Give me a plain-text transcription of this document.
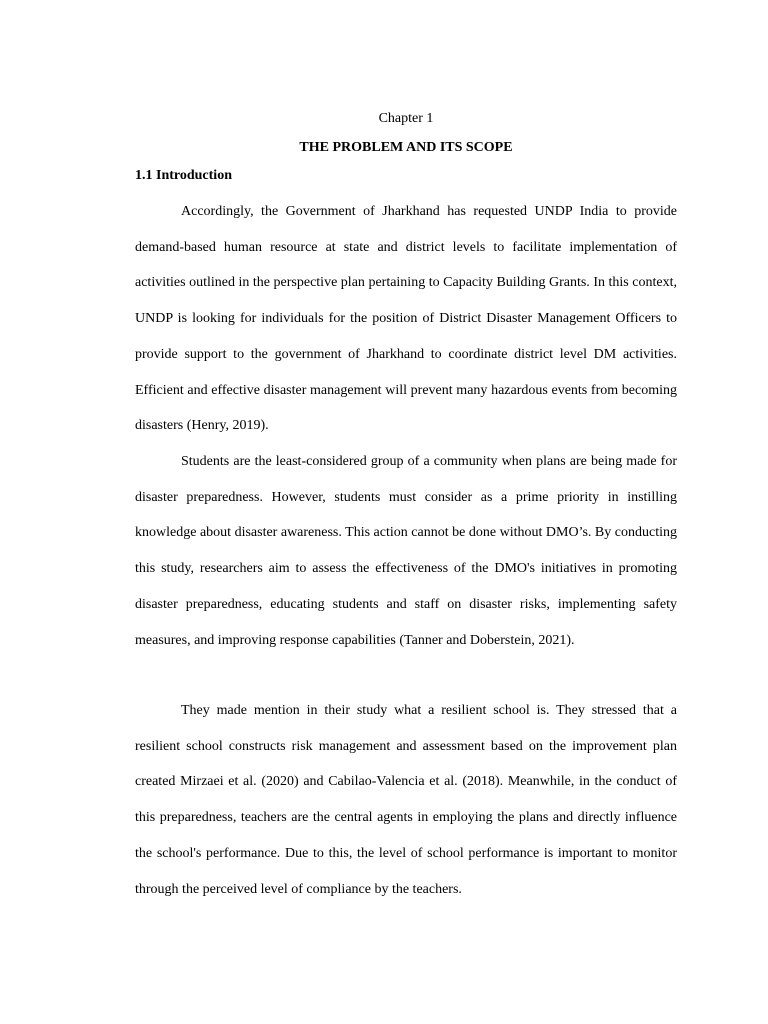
Chapter 1
THE PROBLEM AND ITS SCOPE
1.1 Introduction

Accordingly, the Government of Jharkhand has requested UNDP India to provide demand-based human resource at state and district levels to facilitate implementation of activities outlined in the perspective plan pertaining to Capacity Building Grants. In this context, UNDP is looking for individuals for the position of District Disaster Management Officers to provide support to the government of Jharkhand to coordinate district level DM activities. Efficient and effective disaster management will prevent many hazardous events from becoming disasters (Henry, 2019).

Students are the least-considered group of a community when plans are being made for disaster preparedness. However, students must consider as a prime priority in instilling knowledge about disaster awareness. This action cannot be done without DMO’s. By conducting this study, researchers aim to assess the effectiveness of the DMO's initiatives in promoting disaster preparedness, educating students and staff on disaster risks, implementing safety measures, and improving response capabilities (Tanner and Doberstein, 2021).

They made mention in their study what a resilient school is. They stressed that a resilient school constructs risk management and assessment based on the improvement plan created Mirzaei et al. (2020) and Cabilao-Valencia et al. (2018). Meanwhile, in the conduct of this preparedness, teachers are the central agents in employing the plans and directly influence the school's performance. Due to this, the level of school performance is important to monitor through the perceived level of compliance by the teachers.
